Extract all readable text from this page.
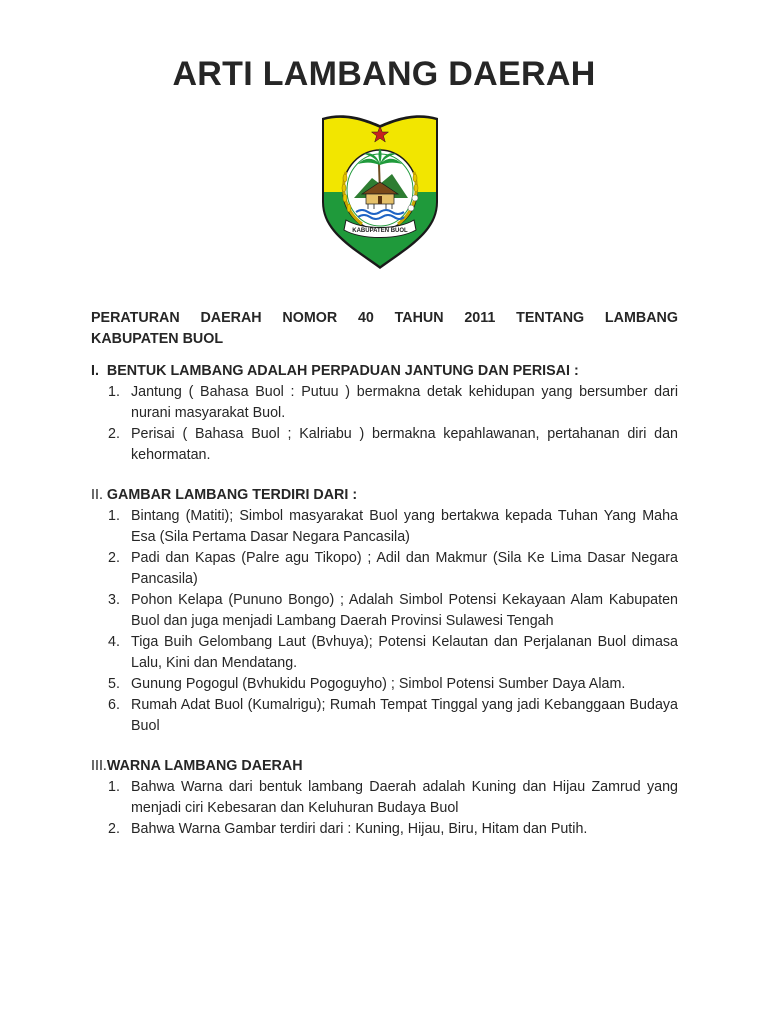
ARTI LAMBANG DAERAH
KABUPATEN BUOL
PERATURAN DAERAH NOMOR 40 TAHUN 2011 TENTANG LAMBANG
KABUPATEN BUOL

I. BENTUK LAMBANG ADALAH PERPADUAN JANTUNG DAN PERISAI :

1. Jantung ( Bahasa Buol : Putuu ) bermakna detak kehidupan yang bersumber dari nurani masyarakat Buol.
2. Perisai ( Bahasa Buol ; Kalriabu ) bermakna kepahlawanan, pertahanan diri dan kehormatan.

II. GAMBAR LAMBANG TERDIRI DARI :

1. Bintang (Matiti); Simbol masyarakat Buol yang bertakwa kepada Tuhan Yang Maha Esa (Sila Pertama Dasar Negara Pancasila)
2. Padi dan Kapas (Palre agu Tikopo) ; Adil dan Makmur (Sila Ke Lima Dasar Negara Pancasila)
3. Pohon Kelapa (Pununo Bongo) ; Adalah Simbol Potensi Kekayaan Alam Kabupaten Buol dan juga menjadi Lambang Daerah Provinsi Sulawesi Tengah
4. Tiga Buih Gelombang Laut (Bvhuya); Potensi Kelautan dan Perjalanan Buol dimasa Lalu, Kini dan Mendatang.
5. Gunung Pogogul (Bvhukidu Pogoguyho) ; Simbol Potensi Sumber Daya Alam.
6. Rumah Adat Buol (Kumalrigu); Rumah Tempat Tinggal yang jadi Kebanggaan Budaya Buol

III.WARNA LAMBANG DAERAH

1. Bahwa Warna dari bentuk lambang Daerah adalah Kuning dan Hijau Zamrud yang menjadi ciri Kebesaran dan Keluhuran Budaya Buol
2. Bahwa Warna Gambar terdiri dari : Kuning, Hijau, Biru, Hitam dan Putih.
